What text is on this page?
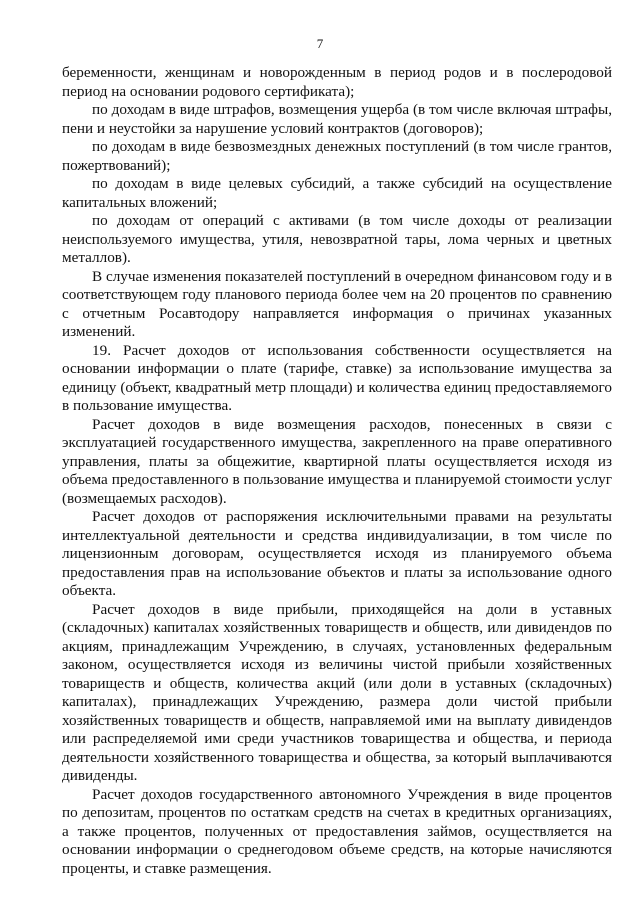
7

беременности, женщинам и новорожденным в период родов и в послеродовой период на основании родового сертификата);

по доходам в виде штрафов, возмещения ущерба (в том числе включая штрафы, пени и неустойки за нарушение условий контрактов (договоров);

по доходам в виде безвозмездных денежных поступлений (в том числе грантов, пожертвований);

по доходам в виде целевых субсидий, а также субсидий на осуществление капитальных вложений;

по доходам от операций с активами (в том числе доходы от реализации неиспользуемого имущества, утиля, невозвратной тары, лома черных и цветных металлов).

В случае изменения показателей поступлений в очередном финансовом году и в соответствующем году планового периода более чем на 20 процентов по сравнению с отчетным Росавтодору направляется информация о причинах указанных изменений.

19. Расчет доходов от использования собственности осуществляется на основании информации о плате (тарифе, ставке) за использование имущества за единицу (объект, квадратный метр площади) и количества единиц предоставляемого в пользование имущества.

Расчет доходов в виде возмещения расходов, понесенных в связи с эксплуатацией государственного имущества, закрепленного на праве оперативного управления, платы за общежитие, квартирной платы осуществляется исходя из объема предоставленного в пользование имущества и планируемой стоимости услуг (возмещаемых расходов).

Расчет доходов от распоряжения исключительными правами на результаты интеллектуальной деятельности и средства индивидуализации, в том числе по лицензионным договорам, осуществляется исходя из планируемого объема предоставления прав на использование объектов и платы за использование одного объекта.

Расчет доходов в виде прибыли, приходящейся на доли в уставных (складочных) капиталах хозяйственных товариществ и обществ, или дивидендов по акциям, принадлежащим Учреждению, в случаях, установленных федеральным законом, осуществляется исходя из величины чистой прибыли хозяйственных товариществ и обществ, количества акций (или доли в уставных (складочных) капиталах), принадлежащих Учреждению, размера доли чистой прибыли хозяйственных товариществ и обществ, направляемой ими на выплату дивидендов или распределяемой ими среди участников товарищества и общества, и периода деятельности хозяйственного товарищества и общества, за который выплачиваются дивиденды.

Расчет доходов государственного автономного Учреждения в виде процентов по депозитам, процентов по остаткам средств на счетах в кредитных организациях, а также процентов, полученных от предоставления займов, осуществляется на основании информации о среднегодовом объеме средств, на которые начисляются проценты, и ставке размещения.
